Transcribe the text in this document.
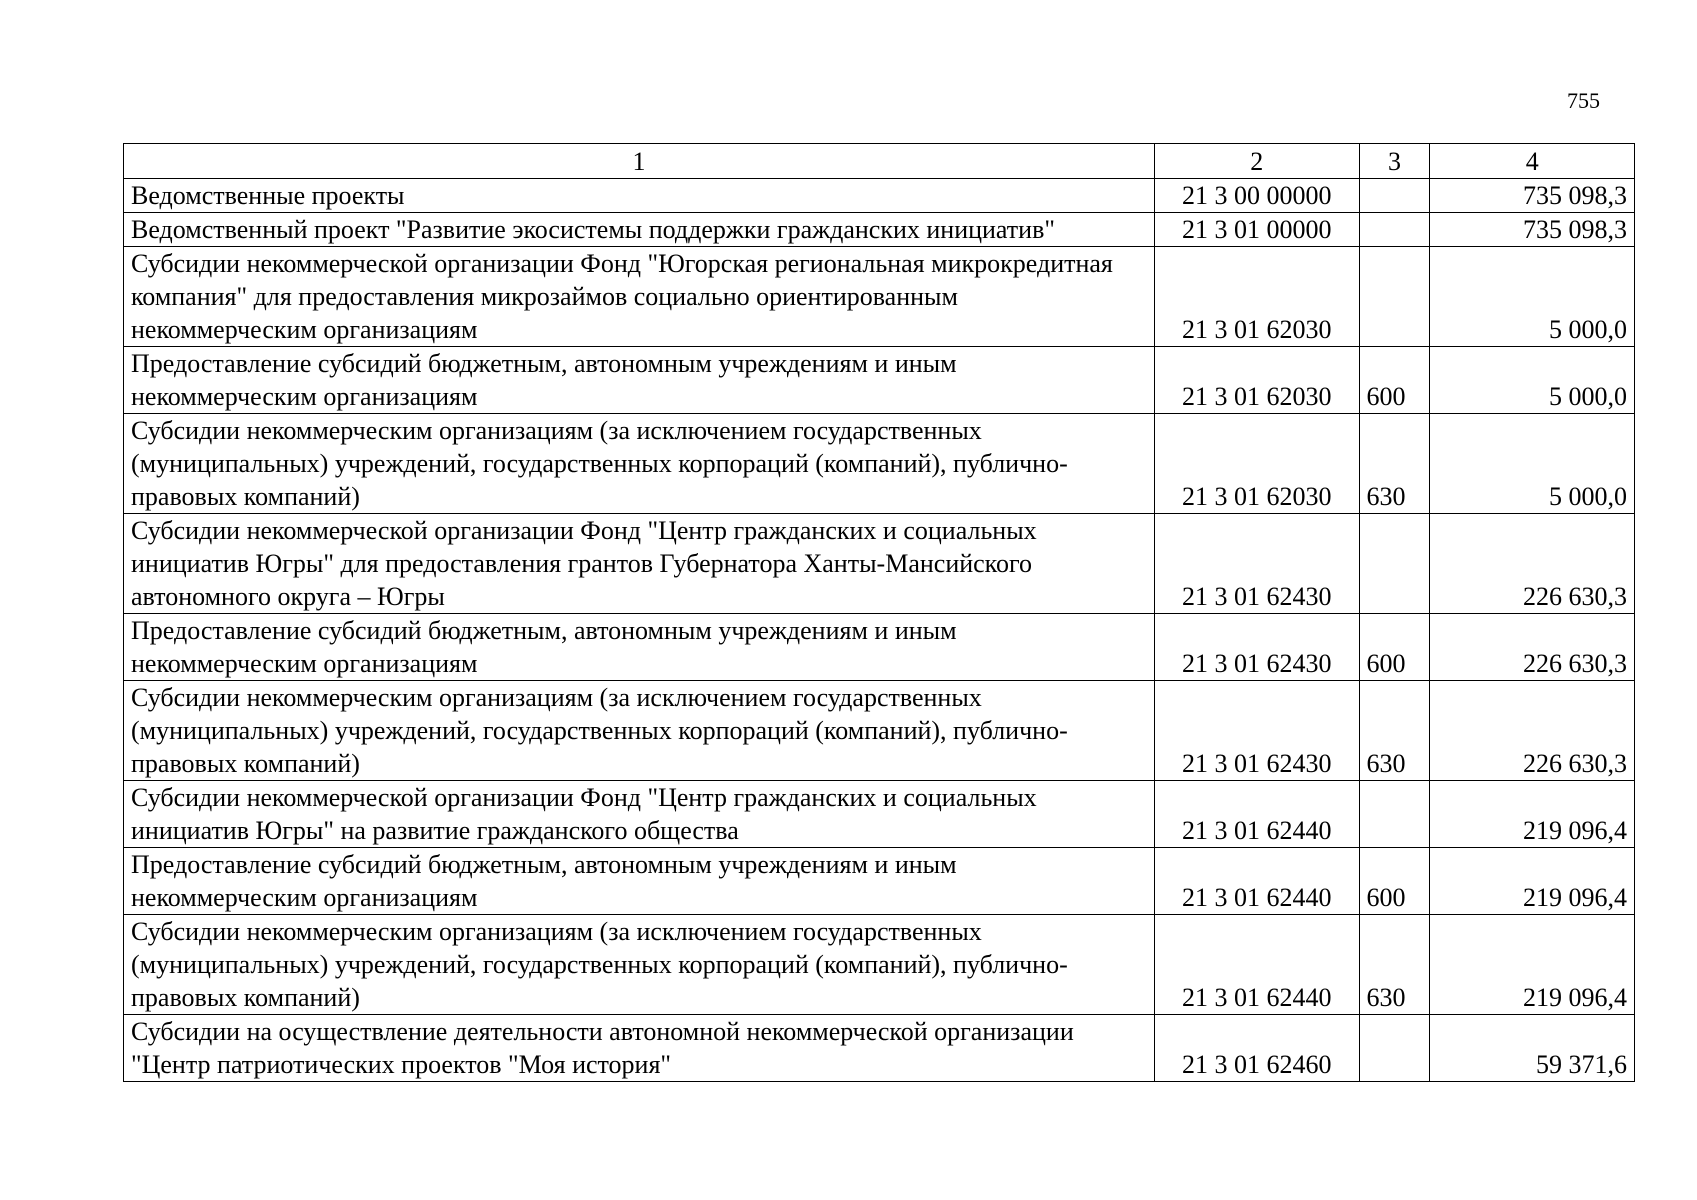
755
1	2	3	4
Ведомственные проекты	21 3 00 00000		735 098,3
Ведомственный проект "Развитие экосистемы поддержки гражданских инициатив"	21 3 01 00000		735 098,3
Субсидии некоммерческой организации Фонд "Югорская региональная микрокредитная компания" для предоставления микрозаймов социально ориентированным некоммерческим организациям	21 3 01 62030		5 000,0
Предоставление субсидий бюджетным, автономным учреждениям и иным некоммерческим организациям	21 3 01 62030	600	5 000,0
Субсидии некоммерческим организациям (за исключением государственных (муниципальных) учреждений, государственных корпораций (компаний), публично-правовых компаний)	21 3 01 62030	630	5 000,0
Субсидии некоммерческой организации Фонд "Центр гражданских и социальных инициатив Югры" для предоставления грантов Губернатора Ханты-Мансийского автономного округа – Югры	21 3 01 62430		226 630,3
Предоставление субсидий бюджетным, автономным учреждениям и иным некоммерческим организациям	21 3 01 62430	600	226 630,3
Субсидии некоммерческим организациям (за исключением государственных (муниципальных) учреждений, государственных корпораций (компаний), публично-правовых компаний)	21 3 01 62430	630	226 630,3
Субсидии некоммерческой организации Фонд "Центр гражданских и социальных инициатив Югры" на развитие гражданского общества	21 3 01 62440		219 096,4
Предоставление субсидий бюджетным, автономным учреждениям и иным некоммерческим организациям	21 3 01 62440	600	219 096,4
Субсидии некоммерческим организациям (за исключением государственных (муниципальных) учреждений, государственных корпораций (компаний), публично-правовых компаний)	21 3 01 62440	630	219 096,4
Субсидии на осуществление деятельности автономной некоммерческой организации "Центр патриотических проектов "Моя история"	21 3 01 62460		59 371,6
